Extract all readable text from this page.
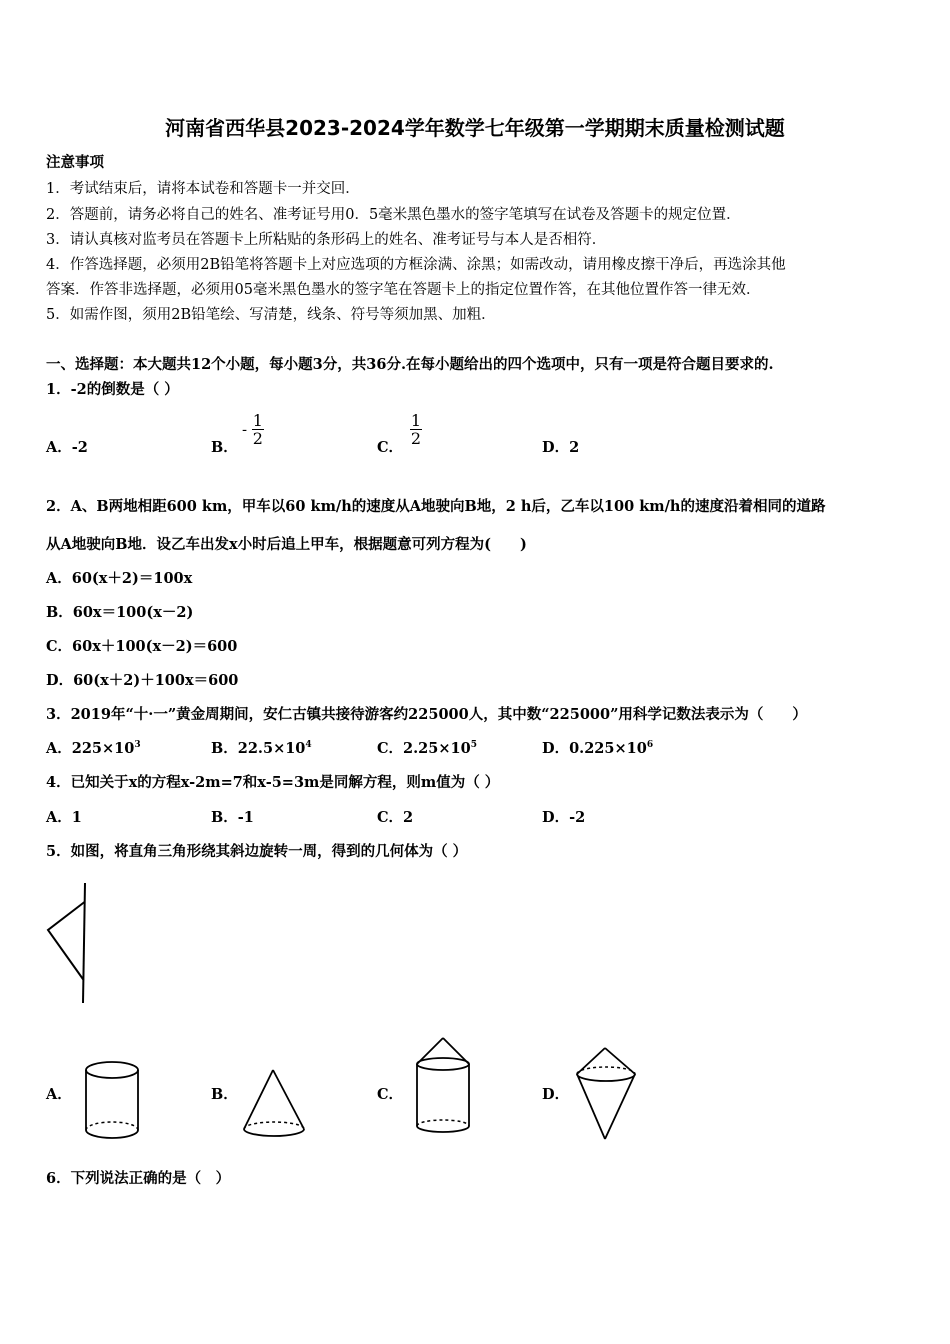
河南省西华县2023-2024学年数学七年级第一学期期末质量检测试题
注意事项
1．考试结束后，请将本试卷和答题卡一并交回．
2．答题前，请务必将自己的姓名、准考证号用0．5毫米黑色墨水的签字笔填写在试卷及答题卡的规定位置．
3．请认真核对监考员在答题卡上所粘贴的条形码上的姓名、准考证号与本人是否相符．
4．作答选择题，必须用2B铅笔将答题卡上对应选项的方框涂满、涂黑；如需改动，请用橡皮擦干净后，再选涂其他
答案．作答非选择题，必须用05毫米黑色墨水的签字笔在答题卡上的指定位置作答，在其他位置作答一律无效．
5．如需作图，须用2B铅笔绘、写清楚，线条、符号等须加黑、加粗．
一、选择题：本大题共12个小题，每小题3分，共36分.在每小题给出的四个选项中，只有一项是符合题目要求的.
1．-2的倒数是（ ）
A．-2	B．
- $\frac{1}{2}$
C．
$\frac{1}{2}$
D．2
2．A、B两地相距600 km，甲车以60 km/h的速度从A地驶向B地，2 h后，乙车以100 km/h的速度沿着相同的道路
从A地驶向B地．设乙车出发x小时后追上甲车，根据题意可列方程为(　　)
A．60(x＋2)＝100x
B．60x＝100(x－2)
C．60x＋100(x－2)＝600
D．60(x＋2)＋100x＝600
3．2019年“十·一”黄金周期间，安仁古镇共接待游客约225000人，其中数“225000”用科学记数法表示为（　　）
A．$225\times 10^3$	B．$22.5\times 10^4$	C．$2.25\times 10^5$	D．$0.225\times 10^6$
4．已知关于x的方程x-2m=7和x-5=3m是同解方程，则m值为（ ）
A．1	B．-1	C．2	D．-2
5．如图，将直角三角形绕其斜边旋转一周，得到的几何体为（ ）
A．	B．	C．	D．
6．下列说法正确的是（　）
